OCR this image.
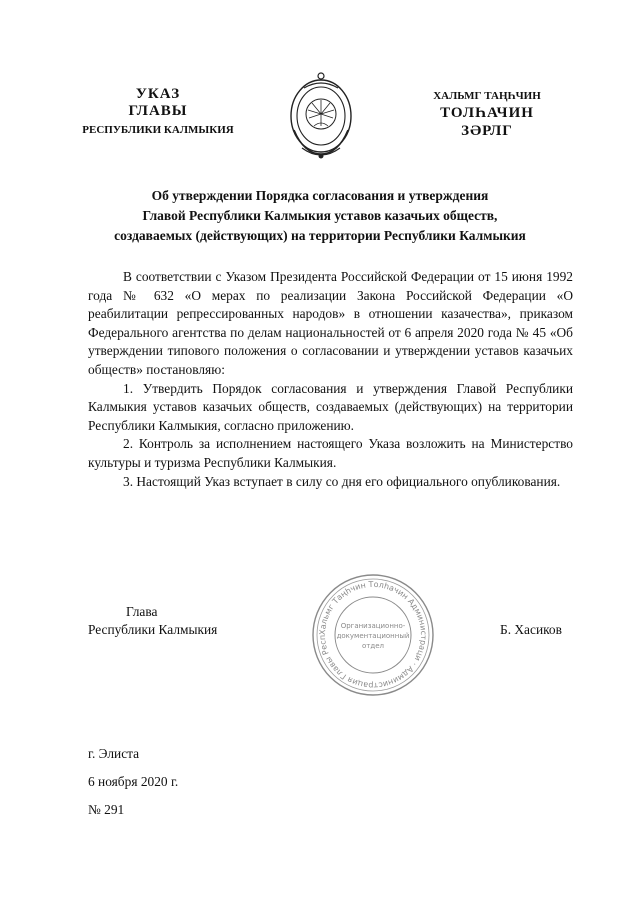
УКАЗ
ГЛАВЫ
РЕСПУБЛИКИ КАЛМЫКИЯ
ХАЛЬМГ ТАҢҺЧИН
ТОЛҺАЧИН
ЗӘРЛГ
Об утверждении Порядка согласования и утверждения
Главой Республики Калмыкия уставов казачьих обществ,
создаваемых (действующих) на территории Республики Калмыкия

В соответствии с Указом Президента Российской Федерации от 15 июня 1992 года № 632 «О мерах по реализации Закона Российской Федерации «О реабилитации репрессированных народов» в отношении казачества», приказом Федерального агентства по делам национальностей от 6 апреля 2020 года № 45 «Об утверждении типового положения о согласовании и утверждении уставов казачьих обществ» постановляю:

1. Утвердить Порядок согласования и утверждения Главой Республики Калмыкия уставов казачьих обществ, создаваемых (действующих) на территории Республики Калмыкия, согласно приложению.

2. Контроль за исполнением настоящего Указа возложить на Министерство культуры и туризма Республики Калмыкия.

3. Настоящий Указ вступает в силу со дня его официального опубликования.

Глава
Республики Калмыкия	Хальмг Таңһчин Толһачин Администраци · Администрация Главы Респ
Организационно-
документационный
отдел
Б. Хасиков
г. Элиста
6 ноября 2020 г.
№ 291
